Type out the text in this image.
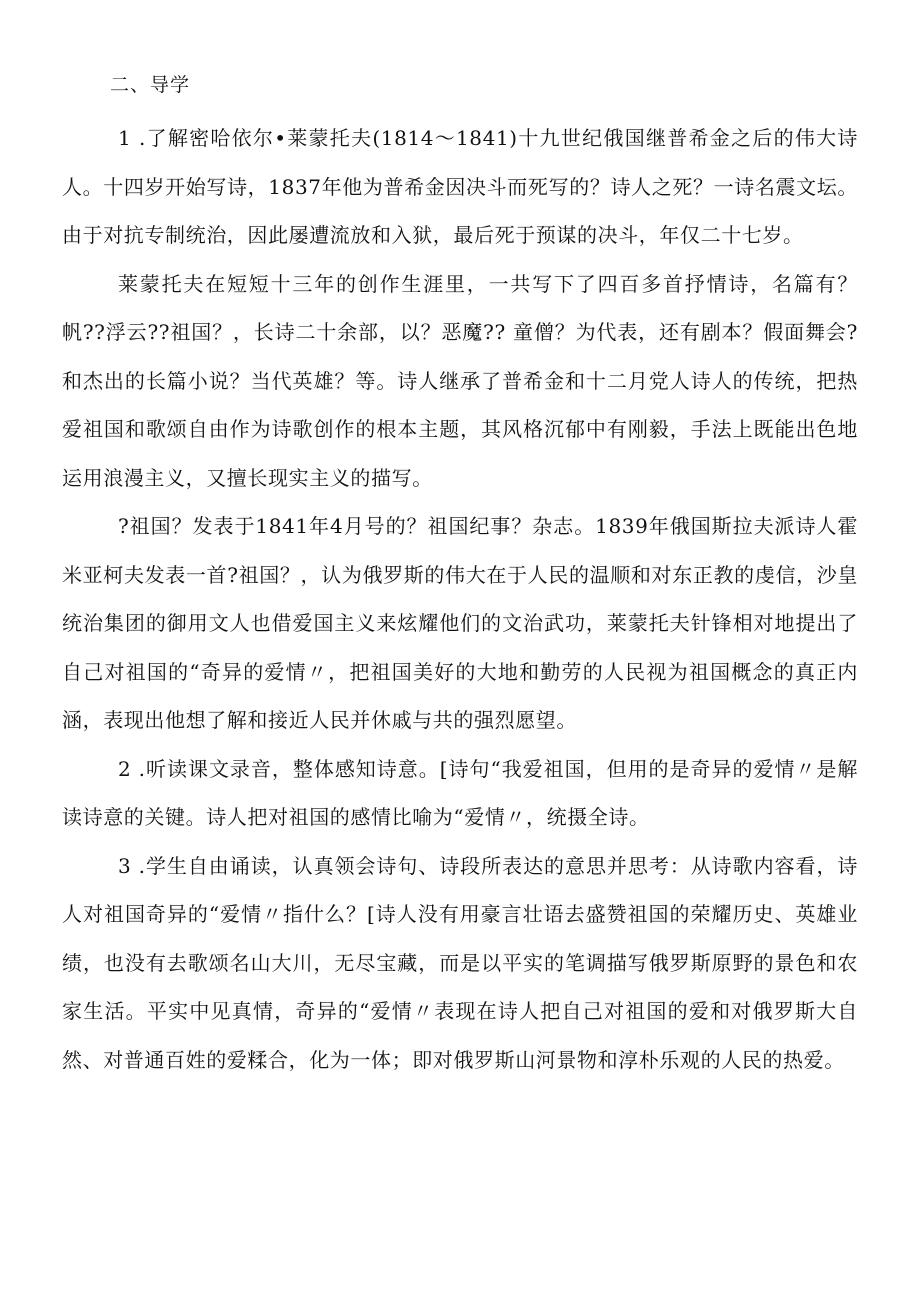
二、导学

1 .了解密哈依尔•莱蒙托夫(1814～1841)十九世纪俄国继普希金之后的伟大诗人。十四岁开始写诗，1837年他为普希金因决斗而死写的？诗人之死？一诗名震文坛。由于对抗专制统治，因此屡遭流放和入狱，最后死于预谋的决斗，年仅二十七岁。

莱蒙托夫在短短十三年的创作生涯里，一共写下了四百多首抒情诗，名篇有？帆??浮云??祖国？，长诗二十余部，以？恶魔?? 童僧？为代表，还有剧本？假面舞会?和杰出的长篇小说？当代英雄？等。诗人继承了普希金和十二月党人诗人的传统，把热爱祖国和歌颂自由作为诗歌创作的根本主题，其风格沉郁中有刚毅，手法上既能出色地运用浪漫主义，又擅长现实主义的描写。

?祖国？发表于1841年4月号的？祖国纪事？杂志。1839年俄国斯拉夫派诗人霍米亚柯夫发表一首?祖国？，认为俄罗斯的伟大在于人民的温顺和对东正教的虔信，沙皇统治集团的御用文人也借爱国主义来炫耀他们的文治武功，莱蒙托夫针锋相对地提出了自己对祖国的“奇异的爱情〃，把祖国美好的大地和勤劳的人民视为祖国概念的真正内涵，表现出他想了解和接近人民并休戚与共的强烈愿望。

2 .听读课文录音，整体感知诗意。[诗句“我爱祖国，但用的是奇异的爱情〃是解读诗意的关键。诗人把对祖国的感情比喻为“爱情〃，统摄全诗。

3 .学生自由诵读，认真领会诗句、诗段所表达的意思并思考：从诗歌内容看，诗人对祖国奇异的“爱情〃指什么？[诗人没有用豪言壮语去盛赞祖国的荣耀历史、英雄业绩，也没有去歌颂名山大川，无尽宝藏，而是以平实的笔调描写俄罗斯原野的景色和农家生活。平实中见真情，奇异的“爱情〃表现在诗人把自己对祖国的爱和对俄罗斯大自然、对普通百姓的爱糅合，化为一体；即对俄罗斯山河景物和淳朴乐观的人民的热爱。
